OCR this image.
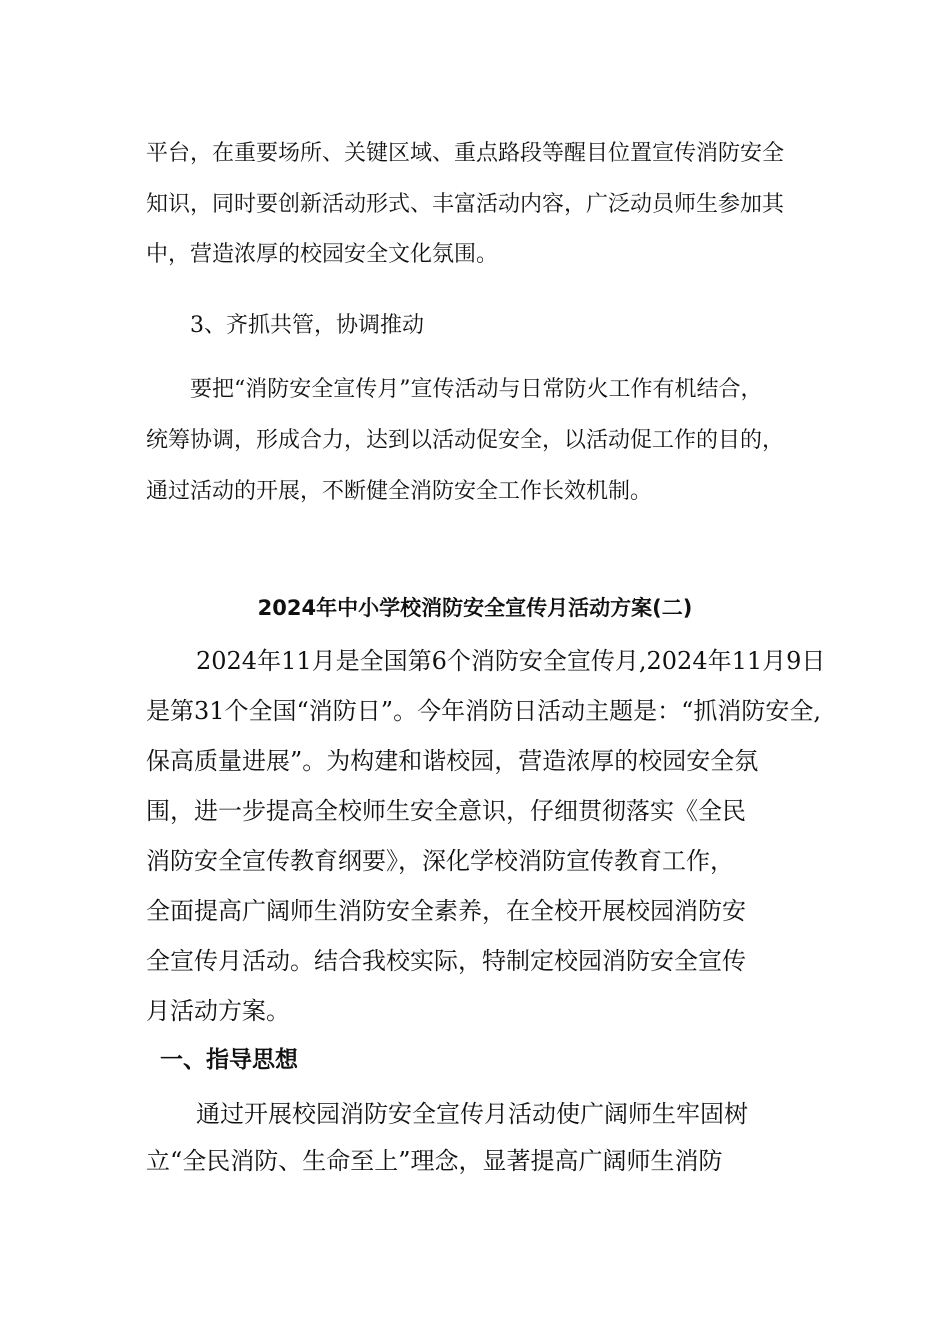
平台，在重要场所、关键区域、重点路段等醒目位置宣传消防安全

知识，同时要创新活动形式、丰富活动内容，广泛动员师生参加其

中，营造浓厚的校园安全文化氛围。

3、齐抓共管，协调推动

要把“消防安全宣传月”宣传活动与日常防火工作有机结合，

统筹协调，形成合力，达到以活动促安全，以活动促工作的目的，

通过活动的开展，不断健全消防安全工作长效机制。

2024年中小学校消防安全宣传月活动方案(二)

2024年11月是全国第6个消防安全宣传月,2024年11月9日

是第31个全国“消防日”。今年消防日活动主题是：“抓消防安全,

保高质量进展”。为构建和谐校园，营造浓厚的校园安全氛

围，进一步提高全校师生安全意识，仔细贯彻落实《全民

消防安全宣传教育纲要》，深化学校消防宣传教育工作，

全面提高广阔师生消防安全素养，在全校开展校园消防安

全宣传月活动。结合我校实际，特制定校园消防安全宣传

月活动方案。

一、指导思想

通过开展校园消防安全宣传月活动使广阔师生牢固树

立“全民消防、生命至上”理念，显著提高广阔师生消防
